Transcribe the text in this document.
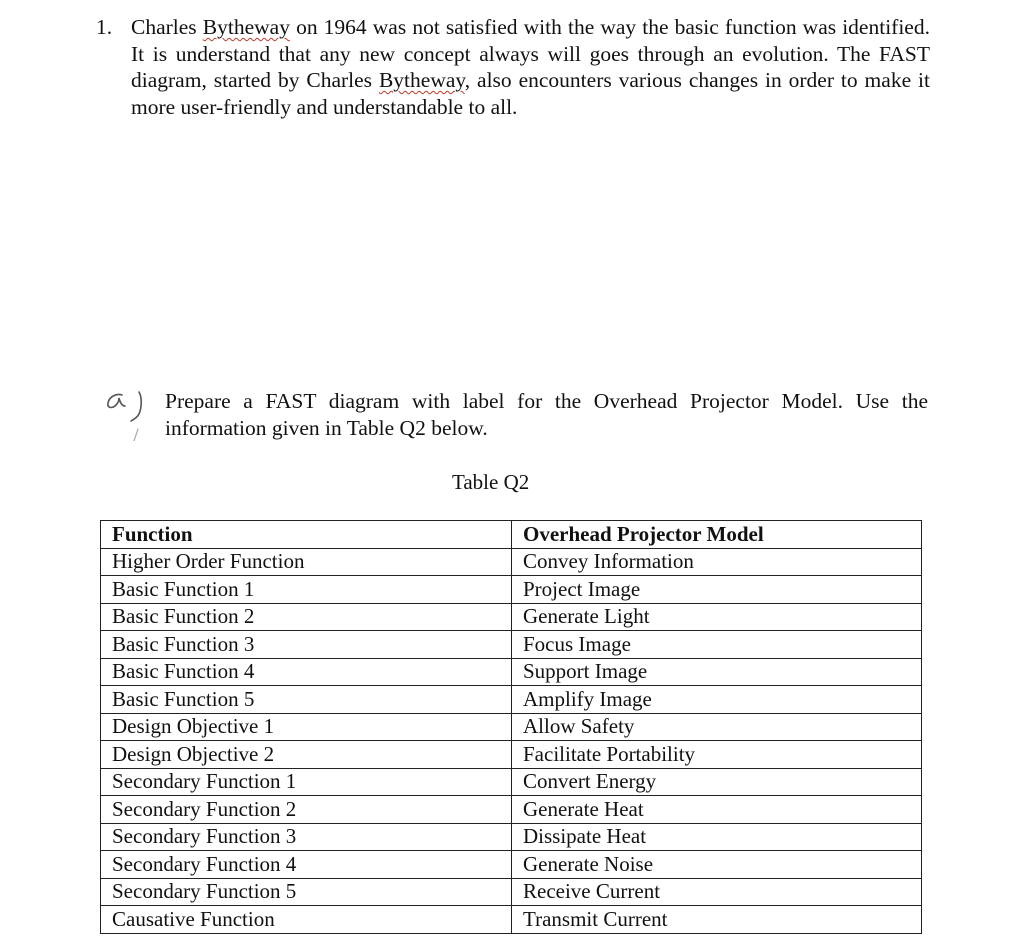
1. Charles Bytheway on 1964 was not satisfied with the way the basic function was identified. It is understand that any new concept always will goes through an evolution. The FAST diagram, started by Charles Bytheway, also encounters various changes in order to make it more user-friendly and understandable to all.
Prepare a FAST diagram with label for the Overhead Projector Model. Use the information given in Table Q2 below.
Table Q2
Function	Overhead Projector Model
Higher Order Function	Convey Information
Basic Function 1	Project Image
Basic Function 2	Generate Light
Basic Function 3	Focus Image
Basic Function 4	Support Image
Basic Function 5	Amplify Image
Design Objective 1	Allow Safety
Design Objective 2	Facilitate Portability
Secondary Function 1	Convert Energy
Secondary Function 2	Generate Heat
Secondary Function 3	Dissipate Heat
Secondary Function 4	Generate Noise
Secondary Function 5	Receive Current
Causative Function	Transmit Current
